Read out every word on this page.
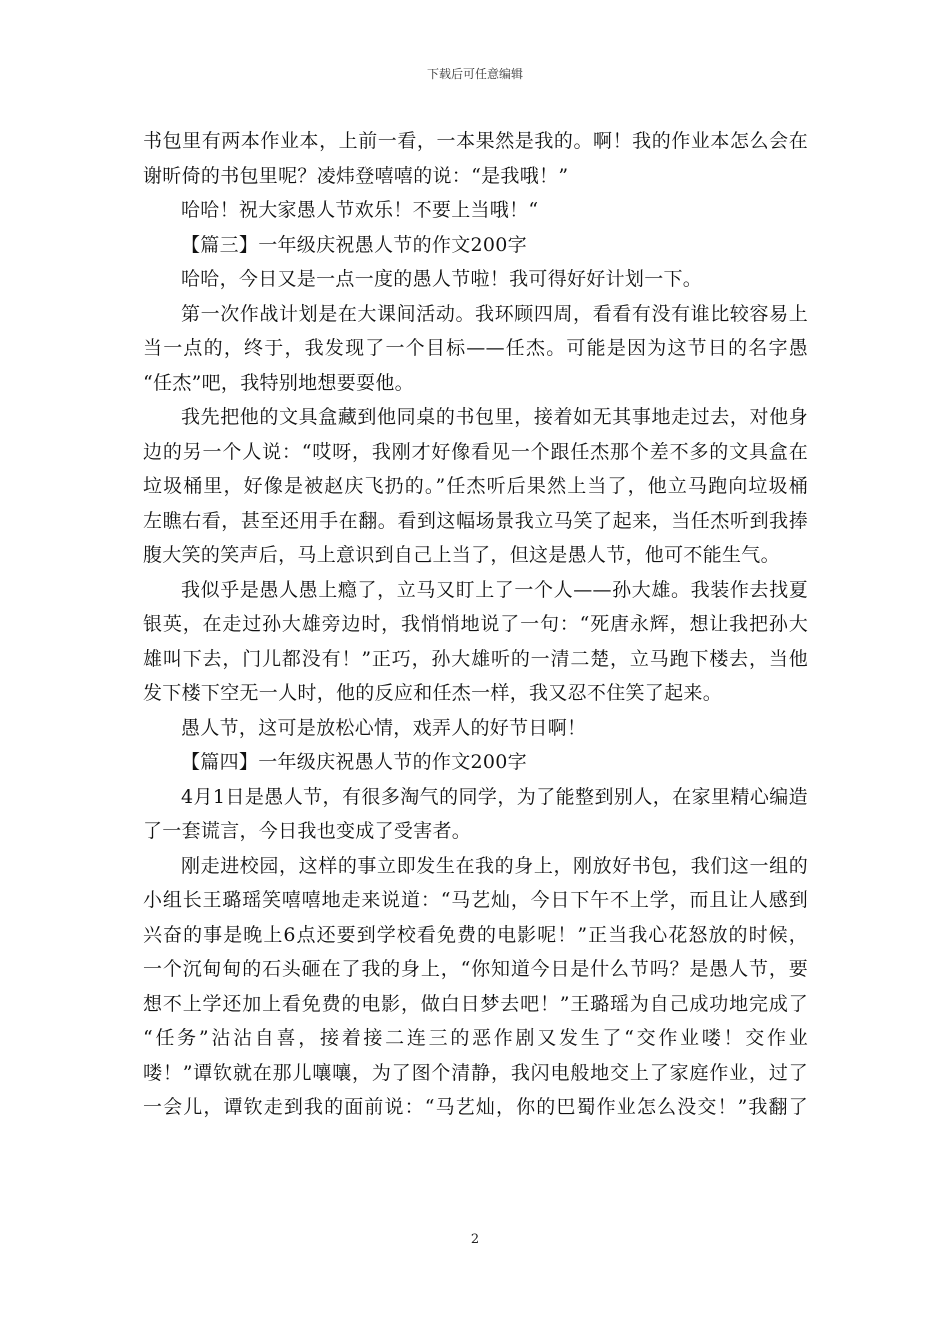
下载后可任意编辑
书包里有两本作业本，上前一看，一本果然是我的。啊！我的作业本怎么会在
谢昕倚的书包里呢？凌炜登嘻嘻的说：“是我哦！”
哈哈！祝大家愚人节欢乐！不要上当哦！“
【篇三】一年级庆祝愚人节的作文200字
哈哈，今日又是一点一度的愚人节啦！我可得好好计划一下。
第一次作战计划是在大课间活动。我环顾四周，看看有没有谁比较容易上
当一点的，终于，我发现了一个目标——任杰。可能是因为这节日的名字愚
“任杰”吧，我特别地想要耍他。
我先把他的文具盒藏到他同桌的书包里，接着如无其事地走过去，对他身
边的另一个人说：“哎呀，我刚才好像看见一个跟任杰那个差不多的文具盒在
垃圾桶里，好像是被赵庆飞扔的。”任杰听后果然上当了，他立马跑向垃圾桶
左瞧右看，甚至还用手在翻。看到这幅场景我立马笑了起来，当任杰听到我捧
腹大笑的笑声后，马上意识到自己上当了，但这是愚人节，他可不能生气。
我似乎是愚人愚上瘾了，立马又盯上了一个人——孙大雄。我装作去找夏
银英，在走过孙大雄旁边时，我悄悄地说了一句：“死唐永辉，想让我把孙大
雄叫下去，门儿都没有！”正巧，孙大雄听的一清二楚，立马跑下楼去，当他
发下楼下空无一人时，他的反应和任杰一样，我又忍不住笑了起来。
愚人节，这可是放松心情，戏弄人的好节日啊！
【篇四】一年级庆祝愚人节的作文200字
4月1日是愚人节，有很多淘气的同学，为了能整到别人，在家里精心编造
了一套谎言，今日我也变成了受害者。
刚走进校园，这样的事立即发生在我的身上，刚放好书包，我们这一组的
小组长王璐瑶笑嘻嘻地走来说道：“马艺灿，今日下午不上学，而且让人感到
兴奋的事是晚上6点还要到学校看免费的电影呢！”正当我心花怒放的时候，
一个沉甸甸的石头砸在了我的身上，“你知道今日是什么节吗？是愚人节，要
想不上学还加上看免费的电影，做白日梦去吧！”王璐瑶为自己成功地完成了
“任务”沾沾自喜，接着接二连三的恶作剧又发生了“交作业喽！交作业
喽！”谭钦就在那儿嚷嚷，为了图个清静，我闪电般地交上了家庭作业，过了
一会儿，谭钦走到我的面前说：“马艺灿，你的巴蜀作业怎么没交！”我翻了
2
